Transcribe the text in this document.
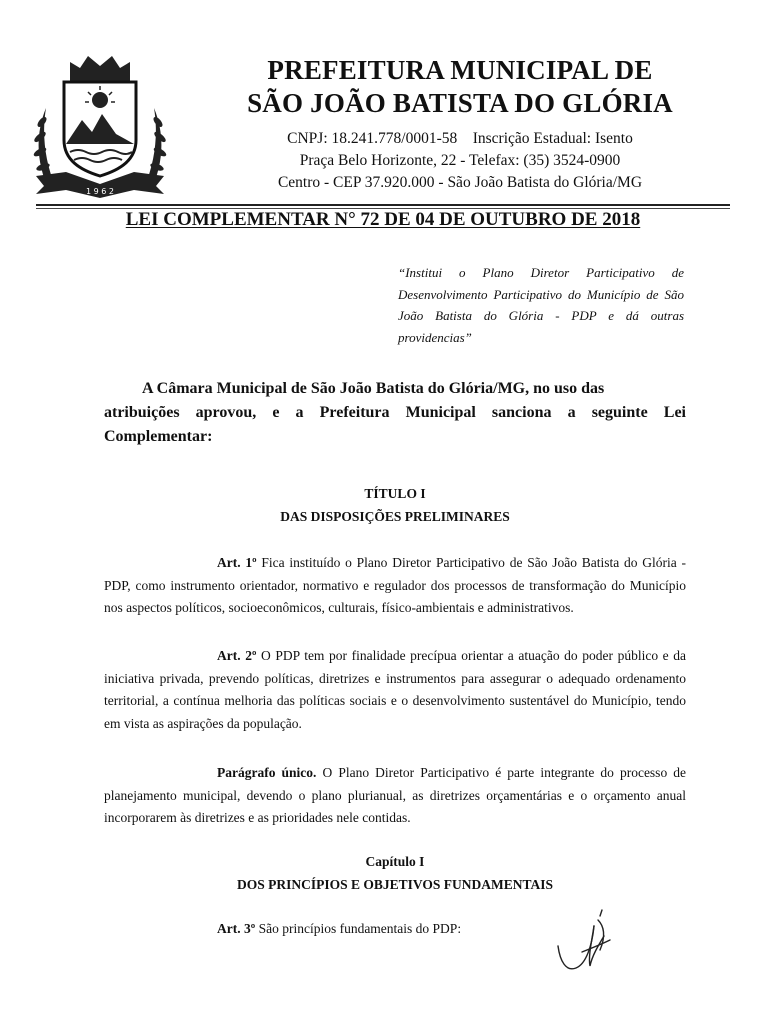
1 9 6 2
PREFEITURA MUNICIPAL DE
SÃO JOÃO BATISTA DO GLÓRIA
CNPJ: 18.241.778/0001-58 Inscrição Estadual: Isento
Praça Belo Horizonte, 22 - Telefax: (35) 3524-0900
Centro - CEP 37.920.000 - São João Batista do Glória/MG
LEI COMPLEMENTAR N° 72 DE 04 DE OUTUBRO DE 2018
“Institui o Plano Diretor Participativo de Desenvolvimento Participativo do Município de São João Batista do Glória - PDP e dá outras providencias”
A Câmara Municipal de São João Batista do Glória/MG, no uso das
atribuições aprovou, e a Prefeitura Municipal sanciona a seguinte Lei Complementar:
TÍTULO I
DAS DISPOSIÇÕES PRELIMINARES
Art. 1º Fica instituído o Plano Diretor Participativo de São João Batista do Glória - PDP, como instrumento orientador, normativo e regulador dos processos de transformação do Município nos aspectos políticos, socioeconômicos, culturais, físico-ambientais e administrativos.
Art. 2º O PDP tem por finalidade precípua orientar a atuação do poder público e da iniciativa privada, prevendo políticas, diretrizes e instrumentos para assegurar o adequado ordenamento territorial, a contínua melhoria das políticas sociais e o desenvolvimento sustentável do Município, tendo em vista as aspirações da população.
Parágrafo único. O Plano Diretor Participativo é parte integrante do processo de planejamento municipal, devendo o plano plurianual, as diretrizes orçamentárias e o orçamento anual incorporarem às diretrizes e as prioridades nele contidas.
Capítulo I
DOS PRINCÍPIOS E OBJETIVOS FUNDAMENTAIS
Art. 3º São princípios fundamentais do PDP:
